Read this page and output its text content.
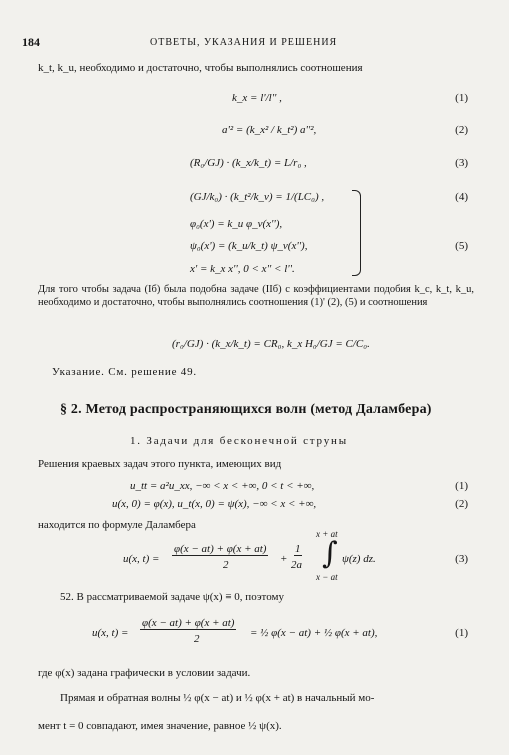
184	ОТВЕТЫ, УКАЗАНИЯ И РЕШЕНИЯ
k_t, k_u, необходимо и достаточно, чтобы выполнялись соотношения
k_x = l'/l'' ,	(1)
a'² = (k_x² / k_t²) a''²,	(2)
(R₀/GJ) · (k_x/k_t) = L/r₀ ,	(3)
(GJ/k₀) · (k_t²/k_v) = 1/(LC₀) ,	(4)
φ₀(x') = k_u φ_v(x''),
ψ₀(x') = (k_u/k_t) ψ_v(x''),	(5)
x' = k_x x'', 0 < x'' < l''.
Для того чтобы задача (Iб) была подобна задаче (IIб) с коэффициентами подобия k_c, k_t, k_u, необходимо и достаточно, чтобы выполнялись соотношения (1)' (2), (5) и соотношения
(r₀/GJ) · (k_x/k_t) = CR₀, k_x H₀/GJ = C/C₀.
Указание. См. решение 49.
§ 2. Метод распространяющихся волн (метод Даламбера)
1. Задачи для бесконечной струны
Решения краевых задач этого пункта, имеющих вид
u_tt = a²u_xx, −∞ < x < +∞, 0 < t < +∞,	(1)
u(x, 0) = φ(x), u_t(x, 0) = ψ(x), −∞ < x < +∞,	(2)
находится по формуле Даламбера
u(x, t) =
φ(x − at) + φ(x + at)
2	+
1
2a
x + at
∫
x − at
ψ(z) dz.	(3)
52. В рассматриваемой задаче ψ(x) ≡ 0, поэтому
u(x, t) =
φ(x − at) + φ(x + at)
2	= ½ φ(x − at) + ½ φ(x + at),	(1)
где φ(x) задана графически в условии задачи.
Прямая и обратная волны ½ φ(x − at) и ½ φ(x + at) в начальный мо-
мент t = 0 совпадают, имея значение, равное ½ ψ(x).
